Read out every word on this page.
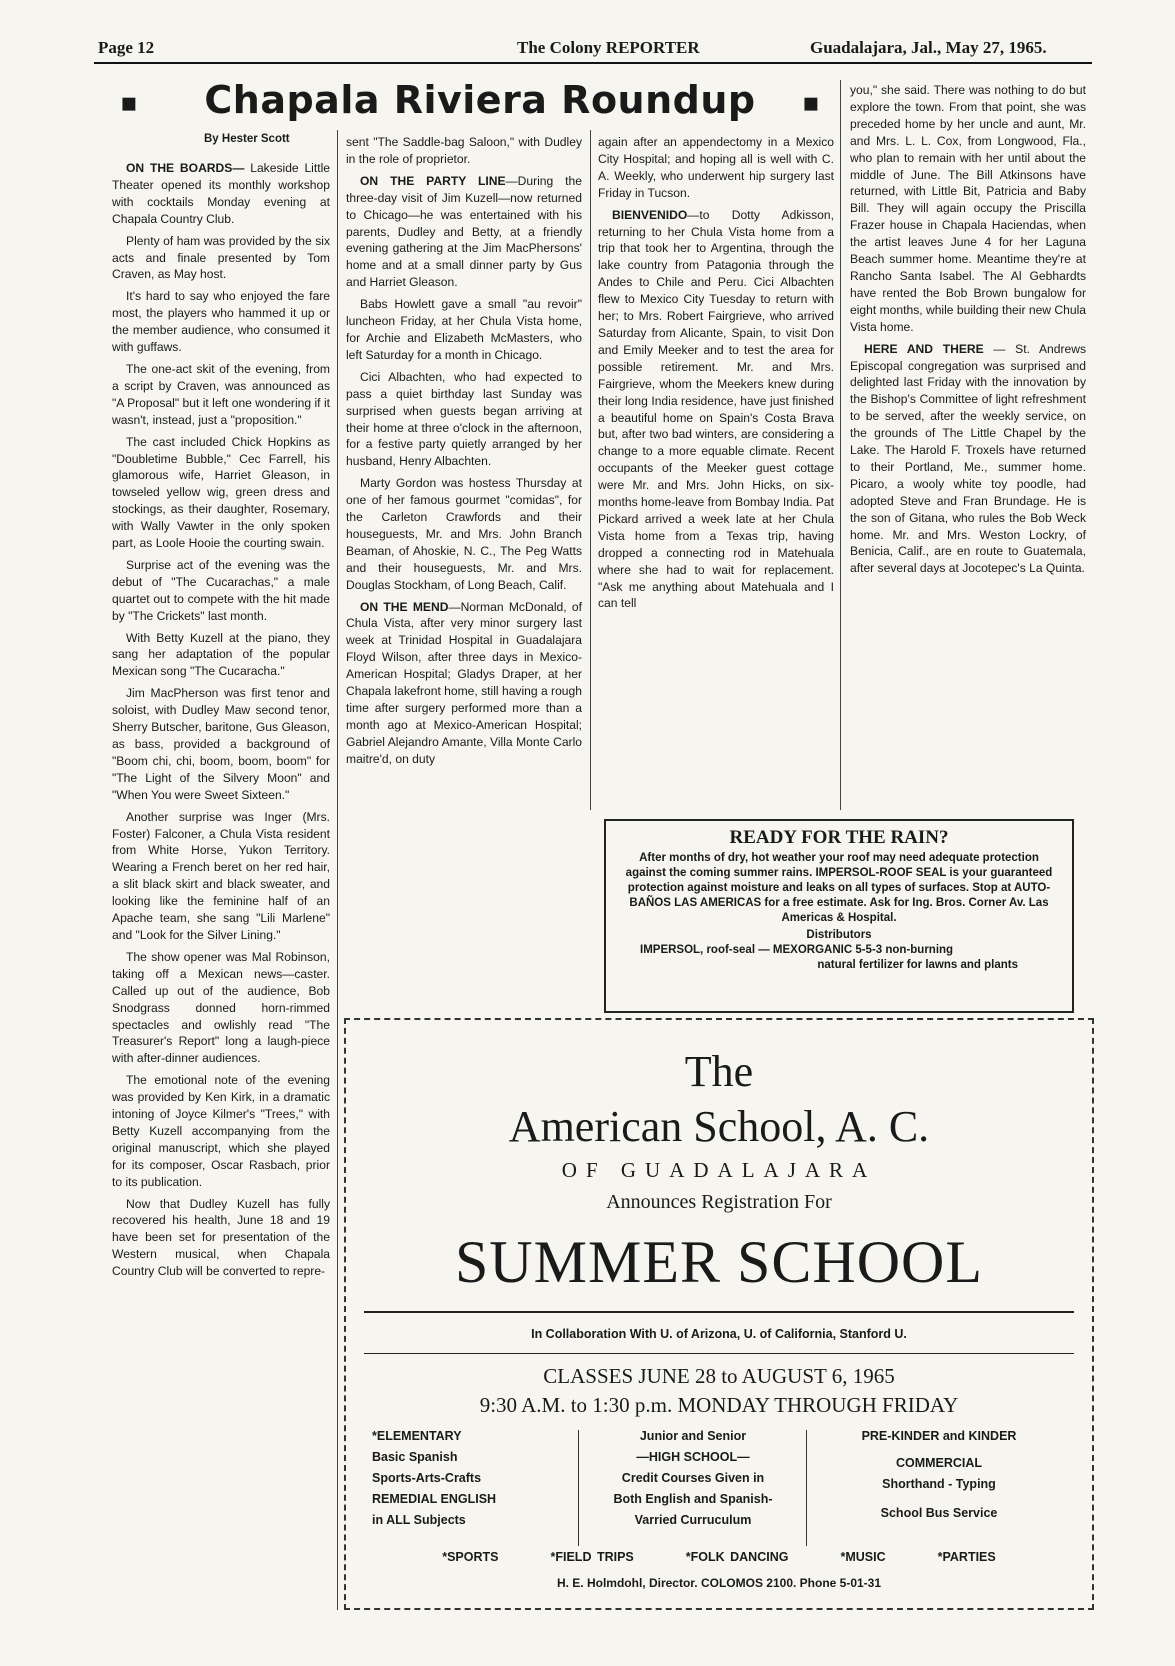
Page 12	The Colony REPORTER	Guadalajara, Jal., May 27, 1965.
▪	Chapala Riviera Roundup	▪
By Hester Scott

ON THE BOARDS— Lakeside Little Theater opened its monthly workshop with cocktails Monday evening at Chapala Country Club.

Plenty of ham was provided by the six acts and finale presented by Tom Craven, as May host.

It's hard to say who enjoyed the fare most, the players who hammed it up or the member audience, who consumed it with guffaws.

The one-act skit of the evening, from a script by Craven, was announced as "A Proposal" but it left one wondering if it wasn't, instead, just a "proposition."

The cast included Chick Hopkins as "Doubletime Bubble," Cec Farrell, his glamorous wife, Harriet Gleason, in towseled yellow wig, green dress and stockings, as their daughter, Rosemary, with Wally Vawter in the only spoken part, as Loole Hooie the courting swain.

Surprise act of the evening was the debut of "The Cucarachas," a male quartet out to compete with the hit made by "The Crickets" last month.

With Betty Kuzell at the piano, they sang her adaptation of the popular Mexican song "The Cucaracha."

Jim MacPherson was first tenor and soloist, with Dudley Maw second tenor, Sherry Butscher, baritone, Gus Gleason, as bass, provided a background of "Boom chi, chi, boom, boom, boom" for "The Light of the Silvery Moon" and "When You were Sweet Sixteen."

Another surprise was Inger (Mrs. Foster) Falconer, a Chula Vista resident from White Horse, Yukon Territory. Wearing a French beret on her red hair, a slit black skirt and black sweater, and looking like the feminine half of an Apache team, she sang "Lili Marlene" and "Look for the Silver Lining."

The show opener was Mal Robinson, taking off a Mexican news—caster. Called up out of the audience, Bob Snodgrass donned horn-rimmed spectacles and owlishly read "The Treasurer's Report" long a laugh-piece with after-dinner audiences.

The emotional note of the evening was provided by Ken Kirk, in a dramatic intoning of Joyce Kilmer's "Trees," with Betty Kuzell accompanying from the original manuscript, which she played for its composer, Oscar Rasbach, prior to its publication.

Now that Dudley Kuzell has fully recovered his health, June 18 and 19 have been set for presentation of the Western musical, when Chapala Country Club will be converted to repre-

sent "The Saddle-bag Saloon," with Dudley in the role of proprietor.

ON THE PARTY LINE—During the three-day visit of Jim Kuzell—now returned to Chicago—he was entertained with his parents, Dudley and Betty, at a friendly evening gathering at the Jim MacPhersons' home and at a small dinner party by Gus and Harriet Gleason.

Babs Howlett gave a small "au revoir" luncheon Friday, at her Chula Vista home, for Archie and Elizabeth McMasters, who left Saturday for a month in Chicago.

Cici Albachten, who had expected to pass a quiet birthday last Sunday was surprised when guests began arriving at their home at three o'clock in the afternoon, for a festive party quietly arranged by her husband, Henry Albachten.

Marty Gordon was hostess Thursday at one of her famous gourmet "comidas", for the Carleton Crawfords and their houseguests, Mr. and Mrs. John Branch Beaman, of Ahoskie, N. C., The Peg Watts and their houseguests, Mr. and Mrs. Douglas Stockham, of Long Beach, Calif.

ON THE MEND—Norman McDonald, of Chula Vista, after very minor surgery last week at Trinidad Hospital in Guadalajara Floyd Wilson, after three days in Mexico-American Hospital; Gladys Draper, at her Chapala lakefront home, still having a rough time after surgery performed more than a month ago at Mexico-American Hospital; Gabriel Alejandro Amante, Villa Monte Carlo maitre'd, on duty

again after an appendectomy in a Mexico City Hospital; and hoping all is well with C. A. Weekly, who underwent hip surgery last Friday in Tucson.

BIENVENIDO—to Dotty Adkisson, returning to her Chula Vista home from a trip that took her to Argentina, through the lake country from Patagonia through the Andes to Chile and Peru. Cici Albachten flew to Mexico City Tuesday to return with her; to Mrs. Robert Fairgrieve, who arrived Saturday from Alicante, Spain, to visit Don and Emily Meeker and to test the area for possible retirement. Mr. and Mrs. Fairgrieve, whom the Meekers knew during their long India residence, have just finished a beautiful home on Spain's Costa Brava but, after two bad winters, are considering a change to a more equable climate. Recent occupants of the Meeker guest cottage were Mr. and Mrs. John Hicks, on six-months home-leave from Bombay India. Pat Pickard arrived a week late at her Chula Vista home from a Texas trip, having dropped a connecting rod in Matehuala where she had to wait for replacement. "Ask me anything about Matehuala and I can tell

you," she said. There was nothing to do but explore the town. From that point, she was preceded home by her uncle and aunt, Mr. and Mrs. L. L. Cox, from Longwood, Fla., who plan to remain with her until about the middle of June. The Bill Atkinsons have returned, with Little Bit, Patricia and Baby Bill. They will again occupy the Priscilla Frazer house in Chapala Haciendas, when the artist leaves June 4 for her Laguna Beach summer home. Meantime they're at Rancho Santa Isabel. The Al Gebhardts have rented the Bob Brown bungalow for eight months, while building their new Chula Vista home.

HERE AND THERE — St. Andrews Episcopal congregation was surprised and delighted last Friday with the innovation by the Bishop's Committee of light refreshment to be served, after the weekly service, on the grounds of The Little Chapel by the Lake. The Harold F. Troxels have returned to their Portland, Me., summer home. Picaro, a wooly white toy poodle, had adopted Steve and Fran Brundage. He is the son of Gitana, who rules the Bob Weck home. Mr. and Mrs. Weston Lockry, of Benicia, Calif., are en route to Guatemala, after several days at Jocotepec's La Quinta.

READY FOR THE RAIN?
After months of dry, hot weather your roof may need adequate protection against the coming summer rains. IMPERSOL-ROOF SEAL is your guaranteed protection against moisture and leaks on all types of surfaces. Stop at AUTO-BAÑOS LAS AMERICAS for a free estimate. Ask for Ing. Bros. Corner Av. Las Americas & Hospital.
Distributors
IMPERSOL, roof-seal — MEXORGANIC 5-5-3 non-burning
natural fertilizer for lawns and plants
The
American School, A. C.
OF GUADALAJARA
Announces Registration For
SUMMER SCHOOL
In Collaboration With U. of Arizona, U. of California, Stanford U.
CLASSES JUNE 28 to AUGUST 6, 1965
9:30 A.M. to 1:30 p.m. MONDAY THROUGH FRIDAY
*ELEMENTARY
Basic Spanish
Sports-Arts-Crafts
REMEDIAL ENGLISH
in ALL Subjects
Junior and Senior
—HIGH SCHOOL—
Credit Courses Given in
Both English and Spanish-
Varried Curruculum
PRE-KINDER and KINDER
COMMERCIAL
Shorthand - Typing
School Bus Service
*SPORTS	*FIELD TRIPS	*FOLK DANCING	*MUSIC	*PARTIES
H. E. Holmdohl, Director. COLOMOS 2100. Phone 5-01-31
